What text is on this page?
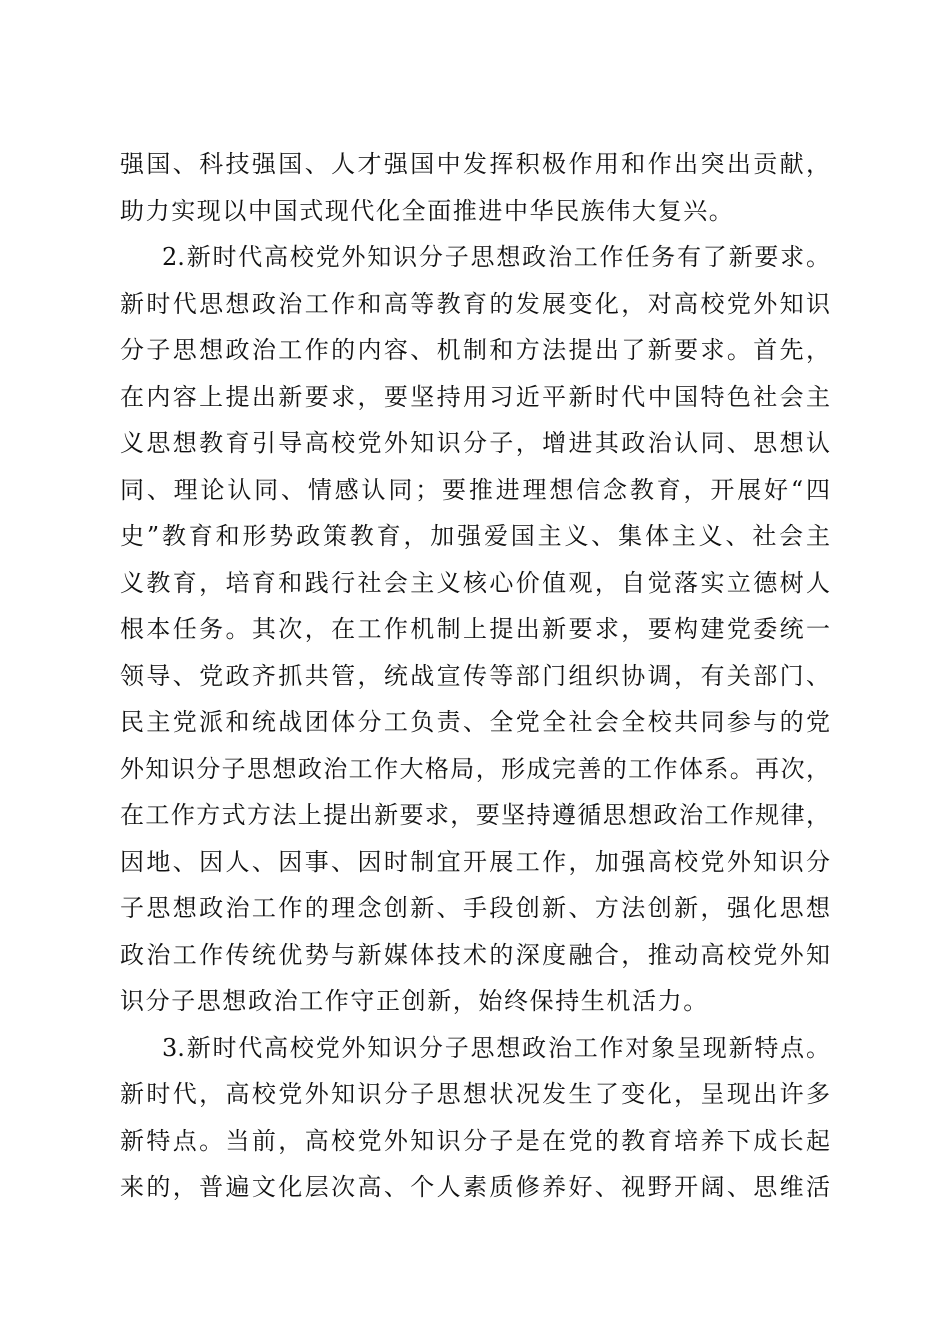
强国、科技强国、人才强国中发挥积极作用和作出突出贡献，
助力实现以中国式现代化全面推进中华民族伟大复兴。
2.新时代高校党外知识分子思想政治工作任务有了新要求。
新时代思想政治工作和高等教育的发展变化，对高校党外知识
分子思想政治工作的内容、机制和方法提出了新要求。首先，
在内容上提出新要求，要坚持用习近平新时代中国特色社会主
义思想教育引导高校党外知识分子，增进其政治认同、思想认
同、理论认同、情感认同；要推进理想信念教育，开展好“四
史”教育和形势政策教育，加强爱国主义、集体主义、社会主
义教育，培育和践行社会主义核心价值观，自觉落实立德树人
根本任务。其次，在工作机制上提出新要求，要构建党委统一
领导、党政齐抓共管，统战宣传等部门组织协调，有关部门、
民主党派和统战团体分工负责、全党全社会全校共同参与的党
外知识分子思想政治工作大格局，形成完善的工作体系。再次，
在工作方式方法上提出新要求，要坚持遵循思想政治工作规律，
因地、因人、因事、因时制宜开展工作，加强高校党外知识分
子思想政治工作的理念创新、手段创新、方法创新，强化思想
政治工作传统优势与新媒体技术的深度融合，推动高校党外知
识分子思想政治工作守正创新，始终保持生机活力。
3.新时代高校党外知识分子思想政治工作对象呈现新特点。
新时代，高校党外知识分子思想状况发生了变化，呈现出许多
新特点。当前，高校党外知识分子是在党的教育培养下成长起
来的，普遍文化层次高、个人素质修养好、视野开阔、思维活
